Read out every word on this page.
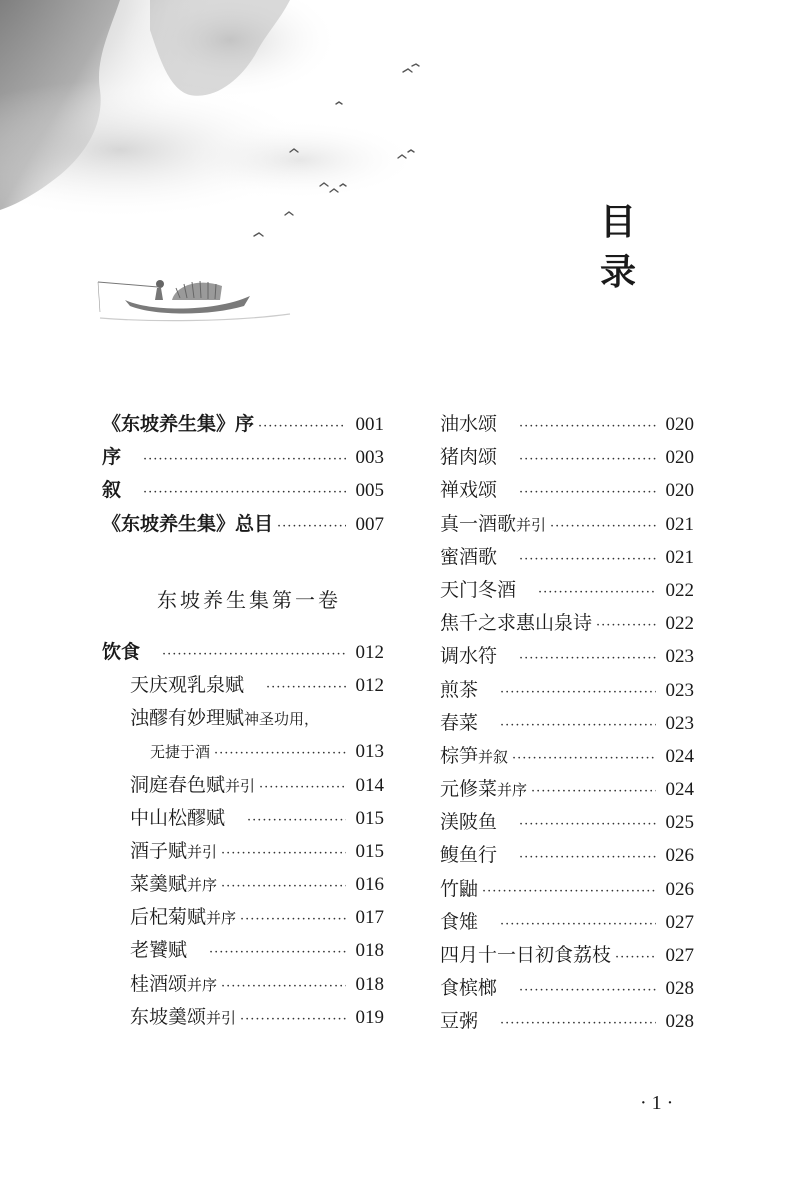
目 录
《东坡养生集》序 ·····	001
序 ·····	003
叙 ·····	005
《东坡养生集》总目 ·····	007
东坡养生集第一卷
饮食 ·····	012
天庆观乳泉赋 ·····	012
浊醪有妙理赋神圣功用，
无捷于酒 ·····	013
洞庭春色赋并引 ·····	014
中山松醪赋 ·····	015
酒子赋并引 ·····	015
菜羹赋并序 ·····	016
后杞菊赋并序 ·····	017
老饕赋 ·····	018
桂酒颂并序 ·····	018
东坡羹颂并引 ·····	019
油水颂 ·····	020
猪肉颂 ·····	020
禅戏颂 ·····	020
真一酒歌并引 ·····	021
蜜酒歌 ·····	021
天门冬酒 ·····	022
焦千之求惠山泉诗 ·····	022
调水符 ·····	023
煎茶 ·····	023
春菜 ·····	023
棕笋并叙 ·····	024
元修菜并序 ·····	024
渼陂鱼 ·····	025
鳆鱼行 ·····	026
竹鼬 ·····	026
食雉 ·····	027
四月十一日初食荔枝 ·····	027
食槟榔 ·····	028
豆粥 ·····	028
· 1 ·
